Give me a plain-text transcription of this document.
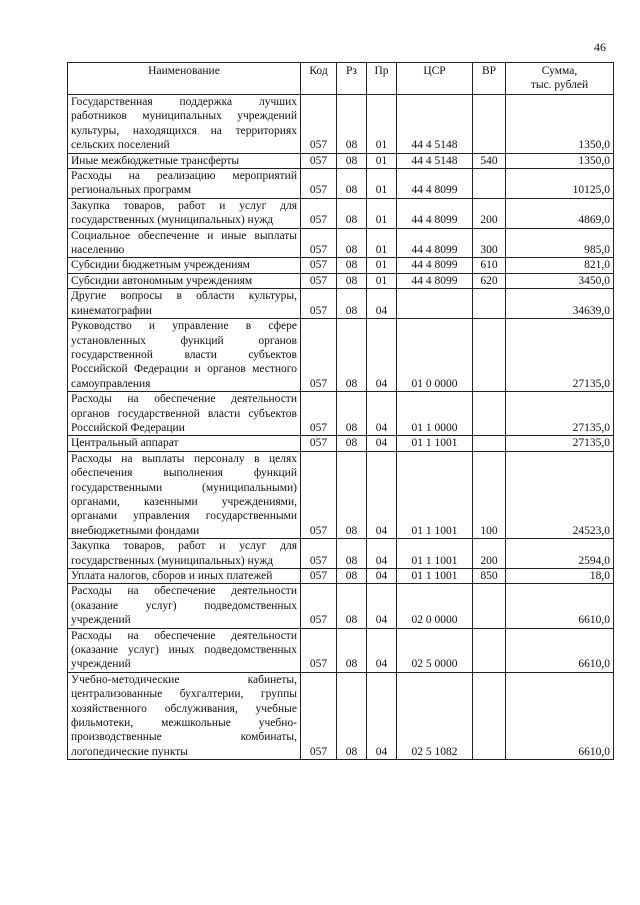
46
Наименование	Код	Рз	Пр	ЦСР	ВР	Сумма,
тыс. рублей

Государственная поддержка лучших работников муниципальных учреждений культуры, находящихся на территориях сельских поселений	057	08	01	44 4 5148		1350,0
Иные межбюджетные трансферты	057	08	01	44 4 5148	540	1350,0
Расходы на реализацию мероприятий региональных программ	057	08	01	44 4 8099		10125,0
Закупка товаров, работ и услуг для государственных (муниципальных) нужд	057	08	01	44 4 8099	200	4869,0
Социальное обеспечение и иные выплаты населению	057	08	01	44 4 8099	300	985,0
Субсидии бюджетным учреждениям	057	08	01	44 4 8099	610	821,0
Субсидии автономным учреждениям	057	08	01	44 4 8099	620	3450,0
Другие вопросы в области культуры, кинематографии	057	08	04			34639,0
Руководство и управление в сфере установленных функций органов государственной власти субъектов Российской Федерации и органов местного самоуправления	057	08	04	01 0 0000		27135,0
Расходы на обеспечение деятельности органов государственной власти субъектов Российской Федерации	057	08	04	01 1 0000		27135,0
Центральный аппарат	057	08	04	01 1 1001		27135,0
Расходы на выплаты персоналу в целях обеспечения выполнения функций государственными (муниципальными) органами, казенными учреждениями, органами управления государственными внебюджетными фондами	057	08	04	01 1 1001	100	24523,0
Закупка товаров, работ и услуг для государственных (муниципальных) нужд	057	08	04	01 1 1001	200	2594,0
Уплата налогов, сборов и иных платежей	057	08	04	01 1 1001	850	18,0
Расходы на обеспечение деятельности (оказание услуг) подведомственных учреждений	057	08	04	02 0 0000		6610,0
Расходы на обеспечение деятельности (оказание услуг) иных подведомственных учреждений	057	08	04	02 5 0000		6610,0
Учебно-методические кабинеты, централизованные бухгалтерии, группы хозяйственного обслуживания, учебные фильмотеки, межшкольные учебно-производственные комбинаты, логопедические пункты	057	08	04	02 5 1082		6610,0
